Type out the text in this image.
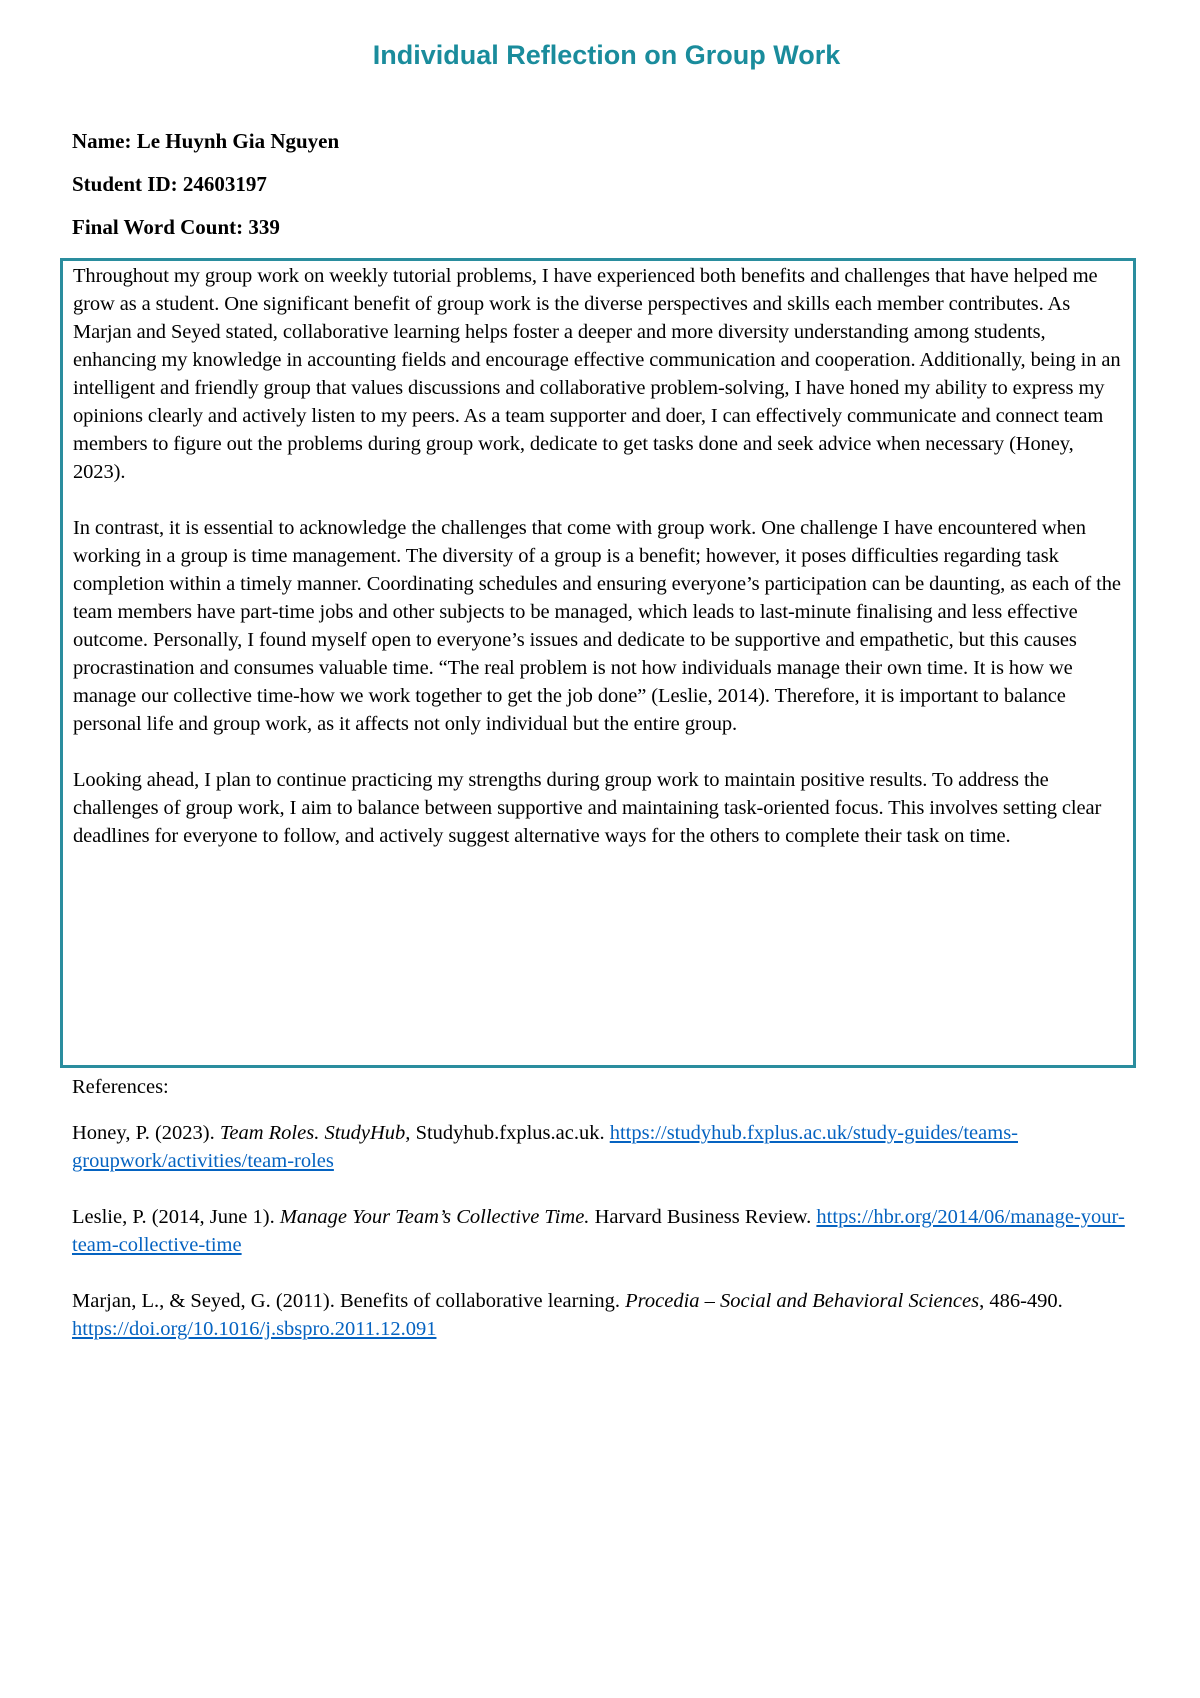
Individual Reflection on Group Work

Name: Le Huynh Gia Nguyen

Student ID: 24603197

Final Word Count: 339

Throughout my group work on weekly tutorial problems, I have experienced both benefits and challenges that have helped me grow as a student. One significant benefit of group work is the diverse perspectives and skills each member contributes. As Marjan and Seyed stated, collaborative learning helps foster a deeper and more diversity understanding among students, enhancing my knowledge in accounting fields and encourage effective communication and cooperation. Additionally, being in an intelligent and friendly group that values discussions and collaborative problem-solving, I have honed my ability to express my opinions clearly and actively listen to my peers. As a team supporter and doer, I can effectively communicate and connect team members to figure out the problems during group work, dedicate to get tasks done and seek advice when necessary (Honey, 2023).

In contrast, it is essential to acknowledge the challenges that come with group work. One challenge I have encountered when working in a group is time management. The diversity of a group is a benefit; however, it poses difficulties regarding task completion within a timely manner. Coordinating schedules and ensuring everyone’s participation can be daunting, as each of the team members have part-time jobs and other subjects to be managed, which leads to last-minute finalising and less effective outcome. Personally, I found myself open to everyone’s issues and dedicate to be supportive and empathetic, but this causes procrastination and consumes valuable time. “The real problem is not how individuals manage their own time. It is how we manage our collective time-how we work together to get the job done” (Leslie, 2014). Therefore, it is important to balance personal life and group work, as it affects not only individual but the entire group.

Looking ahead, I plan to continue practicing my strengths during group work to maintain positive results. To address the challenges of group work, I aim to balance between supportive and maintaining task-oriented focus. This involves setting clear deadlines for everyone to follow, and actively suggest alternative ways for the others to complete their task on time.

References:

Honey, P. (2023). Team Roles. StudyHub, Studyhub.fxplus.ac.uk. https://studyhub.fxplus.ac.uk/study-guides/teams-groupwork/activities/team-roles

Leslie, P. (2014, June 1). Manage Your Team’s Collective Time. Harvard Business Review. https://hbr.org/2014/06/manage-your-team-collective-time

Marjan, L., & Seyed, G. (2011). Benefits of collaborative learning. Procedia – Social and Behavioral Sciences, 486-490. https://doi.org/10.1016/j.sbspro.2011.12.091
